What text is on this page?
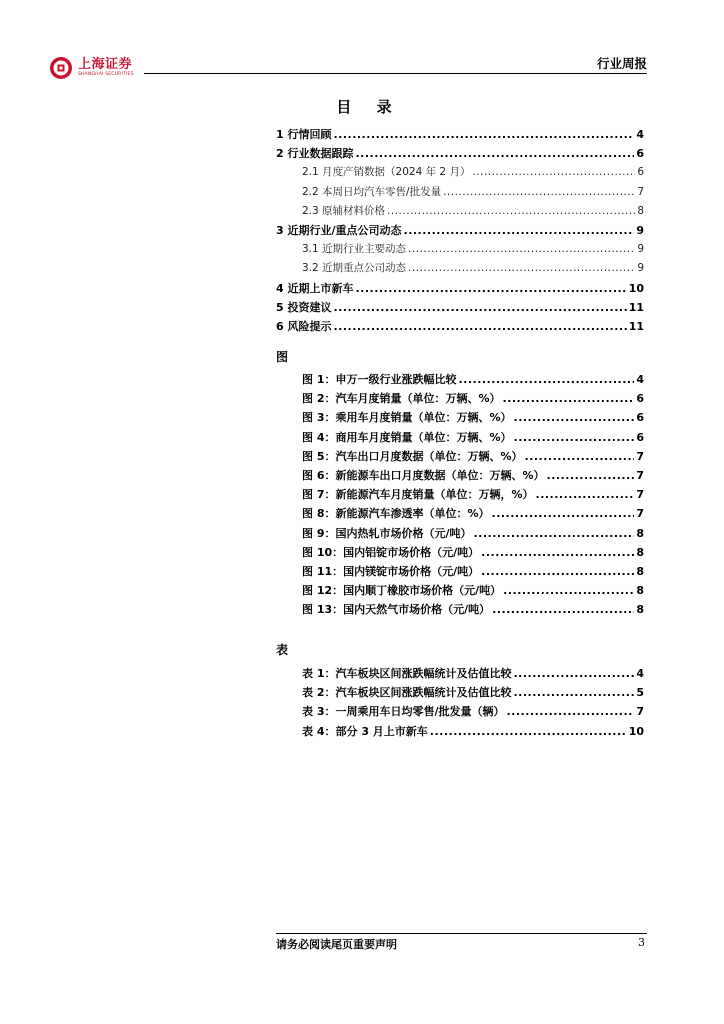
上海证券
SHANGHAI SECURITIES
行业周报
目 录
1 行情回顾 .....	4
2 行业数据跟踪 .....	6
2.1 月度产销数据（2024 年 2 月） .....	6
2.2 本周日均汽车零售/批发量 .....	7
2.3 原辅材料价格 .....	8
3 近期行业/重点公司动态 .....	9
3.1 近期行业主要动态 .....	9
3.2 近期重点公司动态 .....	9
4 近期上市新车 .....	10
5 投资建议 .....	11
6 风险提示 .....	11
图
图 1：申万一级行业涨跌幅比较 .....	4
图 2：汽车月度销量（单位：万辆、%） .....	6
图 3：乘用车月度销量（单位：万辆、%） .....	6
图 4：商用车月度销量（单位：万辆、%） .....	6
图 5：汽车出口月度数据（单位：万辆、%） .....	7
图 6：新能源车出口月度数据（单位：万辆、%） .....	7
图 7：新能源汽车月度销量（单位：万辆，%） .....	7
图 8：新能源汽车渗透率（单位：%） .....	7
图 9：国内热轧市场价格（元/吨） .....	8
图 10：国内铝锭市场价格（元/吨） .....	8
图 11：国内镁锭市场价格（元/吨） .....	8
图 12：国内顺丁橡胶市场价格（元/吨） .....	8
图 13：国内天然气市场价格（元/吨） .....	8
表
表 1：汽车板块区间涨跌幅统计及估值比较 .....	4
表 2：汽车板块区间涨跌幅统计及估值比较 .....	5
表 3：一周乘用车日均零售/批发量（辆） .....	7
表 4：部分 3 月上市新车 .....	10
请务必阅读尾页重要声明	3
